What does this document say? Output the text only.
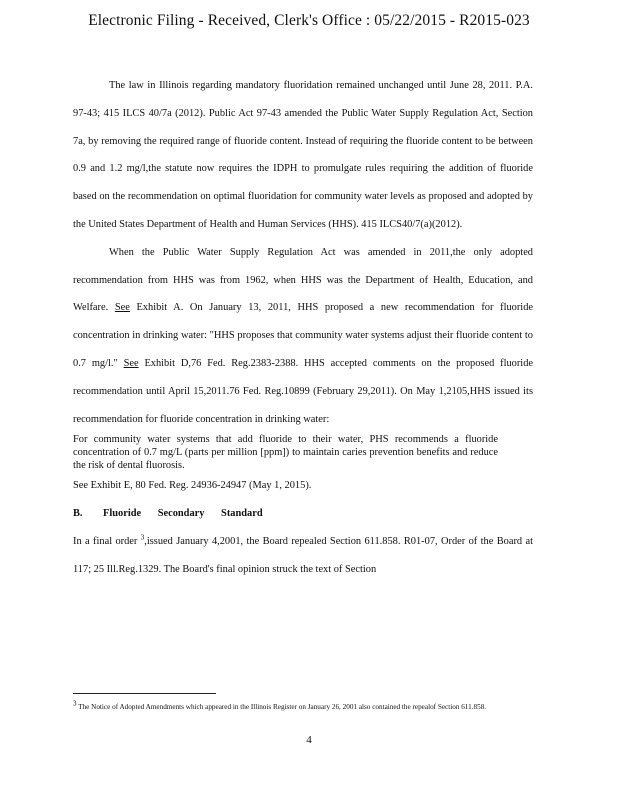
Electronic Filing - Received, Clerk's Office : 05/22/2015 - R2015-023

The law in Illinois regarding mandatory fluoridation remained unchanged until June 28, 2011. P.A. 97-43; 415 ILCS 40/7a (2012). Public Act 97-43 amended the Public Water Supply Regulation Act, Section 7a, by removing the required range of fluoride content. Instead of requiring the fluoride content to be between 0.9 and 1.2 mg/l,the statute now requires the IDPH to promulgate rules requiring the addition of fluoride based on the recommendation on optimal fluoridation for community water levels as proposed and adopted by the United States Department of Health and Human Services (HHS). 415 ILCS40/7(a)(2012).

When the Public Water Supply Regulation Act was amended in 2011,the only adopted recommendation from HHS was from 1962, when HHS was the Department of Health, Education, and Welfare. See Exhibit A. On January 13, 2011, HHS proposed a new recommendation for fluoride concentration in drinking water: "HHS proposes that community water systems adjust their fluoride content to 0.7 mg/l." See Exhibit D,76 Fed. Reg.2383-2388. HHS accepted comments on the proposed fluoride recommendation until April 15,2011.76 Fed. Reg.10899 (February 29,2011). On May 1,2105,HHS issued its recommendation for fluoride concentration in drinking water:

For community water systems that add fluoride to their water, PHS recommends a fluoride concentration of 0.7 mg/L (parts per million [ppm]) to maintain caries prevention benefits and reduce the risk of dental fluorosis.

See Exhibit E, 80 Fed. Reg. 24936-24947 (May 1, 2015).

B. Fluoride Secondary Standard

In a final order $^3$,issued January 4,2001, the Board repealed Section 611.858. R01-07, Order of the Board at 117; 25 Ill.Reg.1329. The Board's final opinion struck the text of Section

$^3$ The Notice of Adopted Amendments which appeared in the Illinois Register on January 26, 2001 also contained the repealof Section 611.858.

4
